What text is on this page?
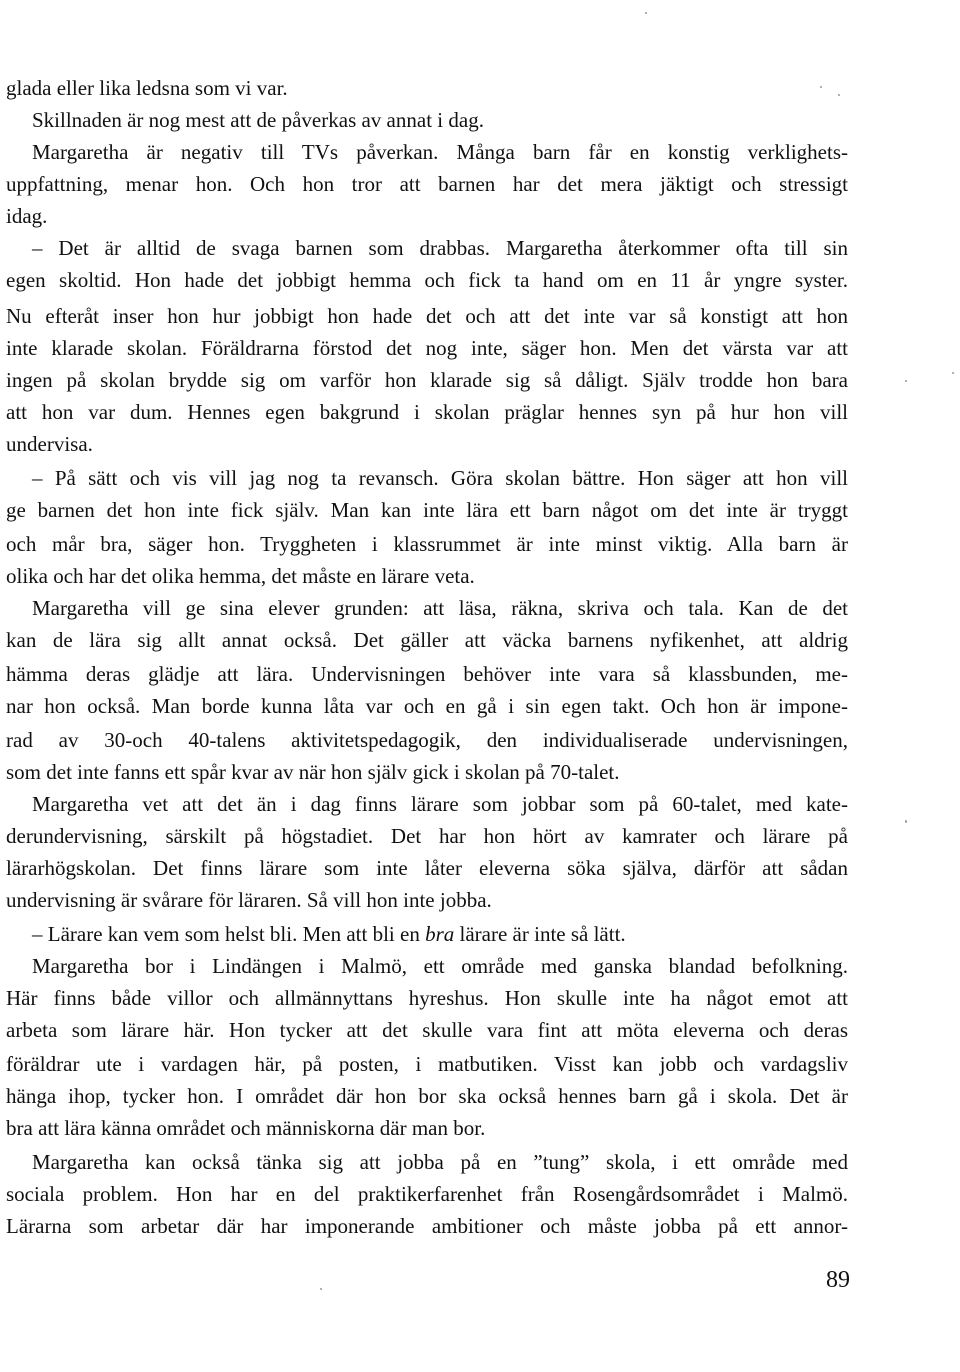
glada eller lika ledsna som vi var.
Skillnaden är nog mest att de påverkas av annat i dag.
Margaretha är negativ till TVs påverkan. Många barn får en konstig verklighets-
uppfattning, menar hon. Och hon tror att barnen har det mera jäktigt och stressigt
idag.
– Det är alltid de svaga barnen som drabbas. Margaretha återkommer ofta till sin
egen skoltid. Hon hade det jobbigt hemma och fick ta hand om en 11 år yngre syster.
Nu efteråt inser hon hur jobbigt hon hade det och att det inte var så konstigt att hon
inte klarade skolan. Föräldrarna förstod det nog inte, säger hon. Men det värsta var att
ingen på skolan brydde sig om varför hon klarade sig så dåligt. Själv trodde hon bara
att hon var dum. Hennes egen bakgrund i skolan präglar hennes syn på hur hon vill
undervisa.
– På sätt och vis vill jag nog ta revansch. Göra skolan bättre. Hon säger att hon vill
ge barnen det hon inte fick själv. Man kan inte lära ett barn något om det inte är tryggt
och mår bra, säger hon. Tryggheten i klassrummet är inte minst viktig. Alla barn är
olika och har det olika hemma, det måste en lärare veta.
Margaretha vill ge sina elever grunden: att läsa, räkna, skriva och tala. Kan de det
kan de lära sig allt annat också. Det gäller att väcka barnens nyfikenhet, att aldrig
hämma deras glädje att lära. Undervisningen behöver inte vara så klassbunden, me-
nar hon också. Man borde kunna låta var och en gå i sin egen takt. Och hon är impone-
rad av 30-och 40-talens aktivitetspedagogik, den individualiserade undervisningen,
som det inte fanns ett spår kvar av när hon själv gick i skolan på 70-talet.
Margaretha vet att det än i dag finns lärare som jobbar som på 60-talet, med kate-
derundervisning, särskilt på högstadiet. Det har hon hört av kamrater och lärare på
lärarhögskolan. Det finns lärare som inte låter eleverna söka själva, därför att sådan
undervisning är svårare för läraren. Så vill hon inte jobba.
– Lärare kan vem som helst bli. Men att bli en bra lärare är inte så lätt.
Margaretha bor i Lindängen i Malmö, ett område med ganska blandad befolkning.
Här finns både villor och allmännyttans hyreshus. Hon skulle inte ha något emot att
arbeta som lärare här. Hon tycker att det skulle vara fint att möta eleverna och deras
föräldrar ute i vardagen här, på posten, i matbutiken. Visst kan jobb och vardagsliv
hänga ihop, tycker hon. I området där hon bor ska också hennes barn gå i skola. Det är
bra att lära känna området och människorna där man bor.
Margaretha kan också tänka sig att jobba på en ”tung” skola, i ett område med
sociala problem. Hon har en del praktikerfarenhet från Rosengårdsområdet i Malmö.
Lärarna som arbetar där har imponerande ambitioner och måste jobba på ett annor-
89
